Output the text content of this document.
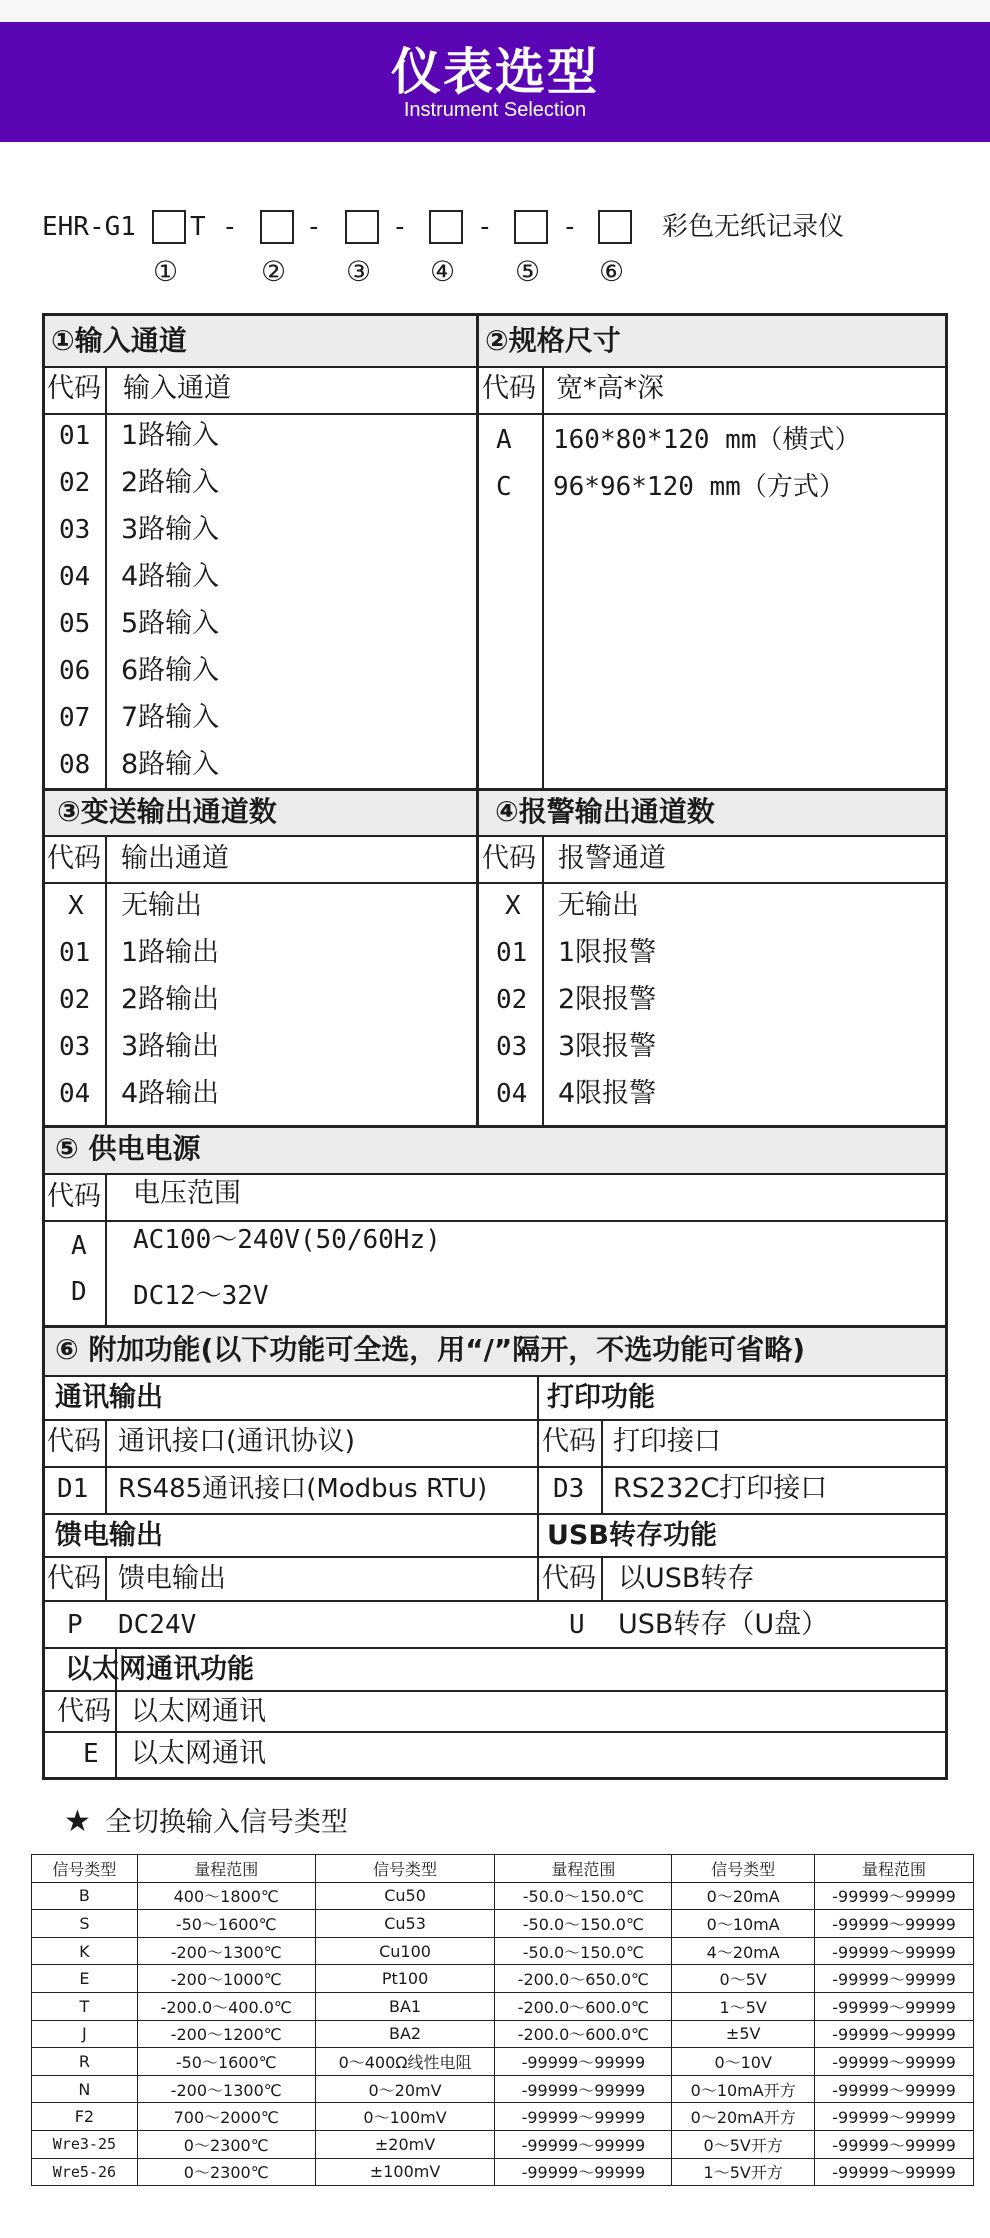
仪表选型
Instrument Selection
EHR-G1 T -	-	-	-	-	彩色无纸记录仪
①	② ③ ④ ⑤ ⑥
①输入通道
代码 输入通道
01 1路输入
02 2路输入
03 3路输入
04 4路输入
05 5路输入
06 6路输入
07 7路输入
08 8路输入
②规格尺寸
代码 宽*高*深
A 160*80*120 mm（横式）
C 96*96*120 mm（方式）
③变送输出通道数
代码 输出通道
X 无输出
01 1路输出
02 2路输出
03 3路输出
04 4路输出
④报警输出通道数
代码 报警通道
X 无输出
01 1限报警
02 2限报警
03 3限报警
04 4限报警
⑤ 供电电源
代码 电压范围
A AC100～240V(50/60Hz)
D DC12～32V
⑥ 附加功能(以下功能可全选，用“/”隔开，不选功能可省略)
通讯输出
代码 通讯接口(通讯协议)
D1 RS485通讯接口(Modbus RTU)
打印功能
代码 打印接口
D3 RS232C打印接口
馈电输出
代码 馈电输出
P DC24V
USB转存功能
代码 以USB转存
U USB转存（U盘）
以太网通讯功能
代码 以太网通讯
E 以太网通讯
★ 全切换输入信号类型
信号类型	量程范围	信号类型	量程范围	信号类型	量程范围
B	400～1800℃	Cu50	-50.0～150.0℃	0～20mA	-99999～99999
S	-50～1600℃	Cu53	-50.0～150.0℃	0～10mA	-99999～99999
K	-200～1300℃	Cu100	-50.0～150.0℃	4～20mA	-99999～99999
E	-200～1000℃	Pt100	-200.0～650.0℃	0～5V	-99999～99999
T	-200.0～400.0℃	BA1	-200.0～600.0℃	1～5V	-99999～99999
J	-200～1200℃	BA2	-200.0～600.0℃	±5V	-99999～99999
R	-50～1600℃	0～400Ω线性电阻	-99999～99999	0～10V	-99999～99999
N	-200～1300℃	0～20mV	-99999～99999	0～10mA开方	-99999～99999
F2	700～2000℃	0～100mV	-99999～99999	0～20mA开方	-99999～99999
Wre3-25	0～2300℃	±20mV	-99999～99999	0～5V开方	-99999～99999
Wre5-26	0～2300℃	±100mV	-99999～99999	1～5V开方	-99999～99999
